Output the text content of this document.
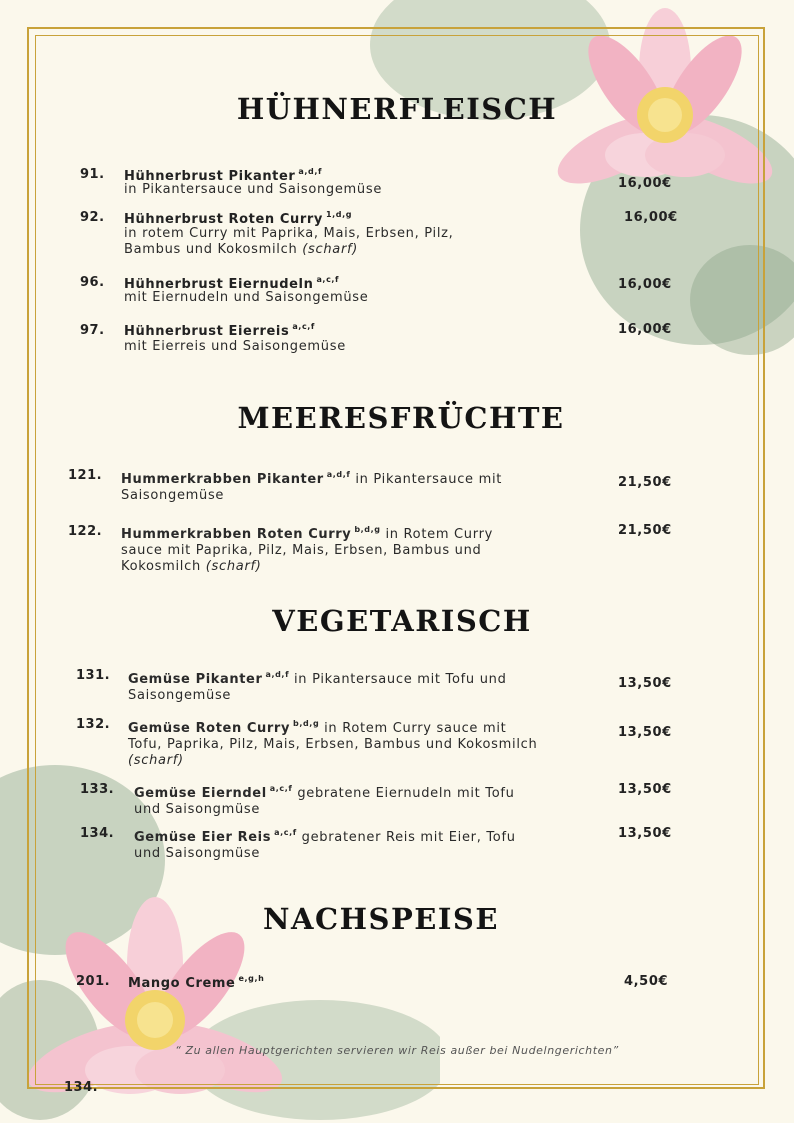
HÜHNERFLEISCH
91. Hühnerbrust Pikanter $^{a,d,f}$
in Pikantersauce und Saisongemüse	16,00€
92. Hühnerbrust Roten Curry $^{1,d,g}$
in rotem Curry mit Paprika, Mais, Erbsen, Pilz, Bambus und Kokosmilch (scharf)
16,00€
96. Hühnerbrust Eiernudeln $^{a,c,f}$
mit Eiernudeln und Saisongemüse
16,00€
97. Hühnerbrust Eierreis $^{a,c,f}$
mit Eierreis und Saisongemüse
16,00€
MEERESFRÜCHTE
121. Hummerkrabben Pikanter $^{a,d,f}$ in Pikantersauce mit
Saisongemüse
21,50€
122. Hummerkrabben Roten Curry $^{b,d,g}$ in Rotem Curry
sauce mit Paprika, Pilz, Mais, Erbsen, Bambus und Kokosmilch (scharf)
21,50€
VEGETARISCH
131. Gemüse Pikanter $^{a,d,f}$ in Pikantersauce mit Tofu und
Saisongemüse
13,50€
132. Gemüse Roten Curry $^{b,d,g}$ in Rotem Curry sauce mit
Tofu, Paprika, Pilz, Mais, Erbsen, Bambus und Kokosmilch (scharf)
13,50€
133. Gemüse Eierndel $^{a,c,f}$ gebratene Eiernudeln mit Tofu
und Saisongmüse
13,50€
134. Gemüse Eier Reis $^{a,c,f}$ gebratener Reis mit Eier, Tofu
und Saisongmüse
13,50€
NACHSPEISE
201. Mango Creme $^{e,g,h}$	4,50€
“ Zu allen Hauptgerichten servieren wir Reis außer bei Nudelngerichten”
134.
